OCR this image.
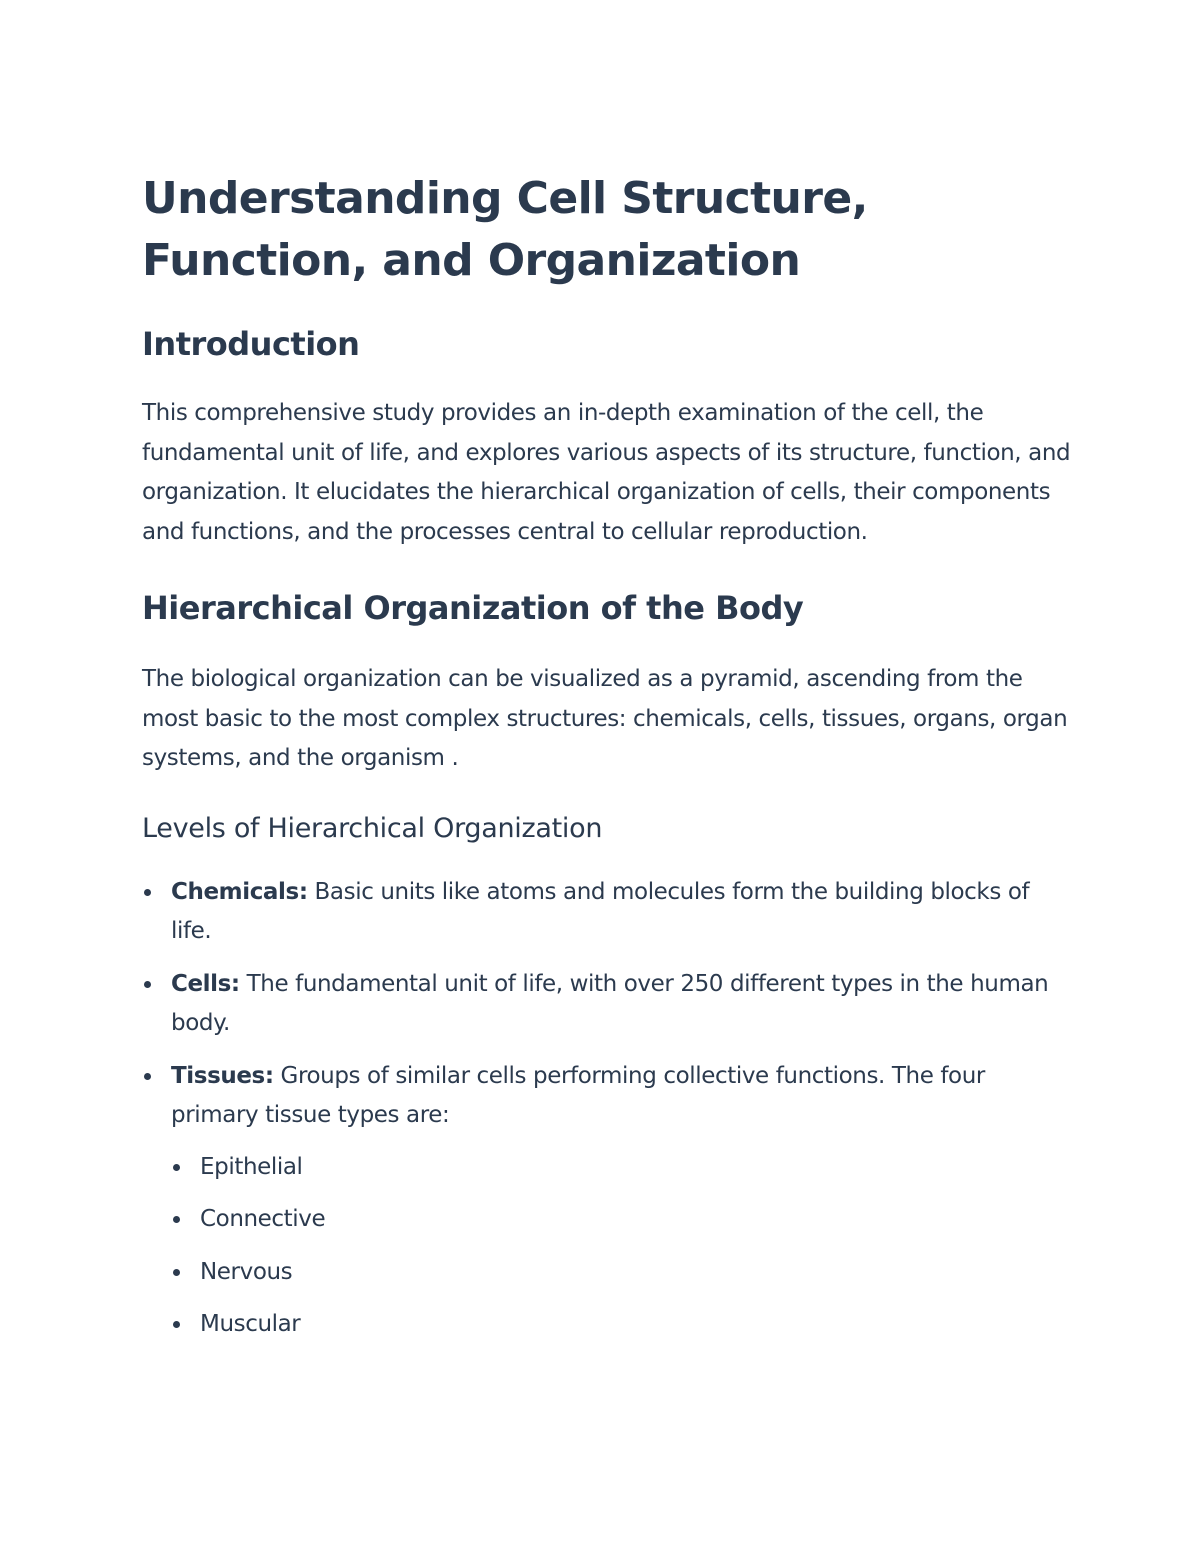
Understanding Cell Structure, Function, and Organization
Introduction

This comprehensive study provides an in-depth examination of the cell, the fundamental unit of life, and explores various aspects of its structure, function, and organization. It elucidates the hierarchical organization of cells, their components and functions, and the processes central to cellular reproduction.

Hierarchical Organization of the Body

The biological organization can be visualized as a pyramid, ascending from the most basic to the most complex structures: chemicals, cells, tissues, organs, organ systems, and the organism .

Levels of Hierarchical Organization
Chemicals: Basic units like atoms and molecules form the building blocks of life.
Cells: The fundamental unit of life, with over 250 different types in the human body.
Tissues: Groups of similar cells performing collective functions. The four primary tissue types are:
Epithelial
Connective
Nervous
Muscular
